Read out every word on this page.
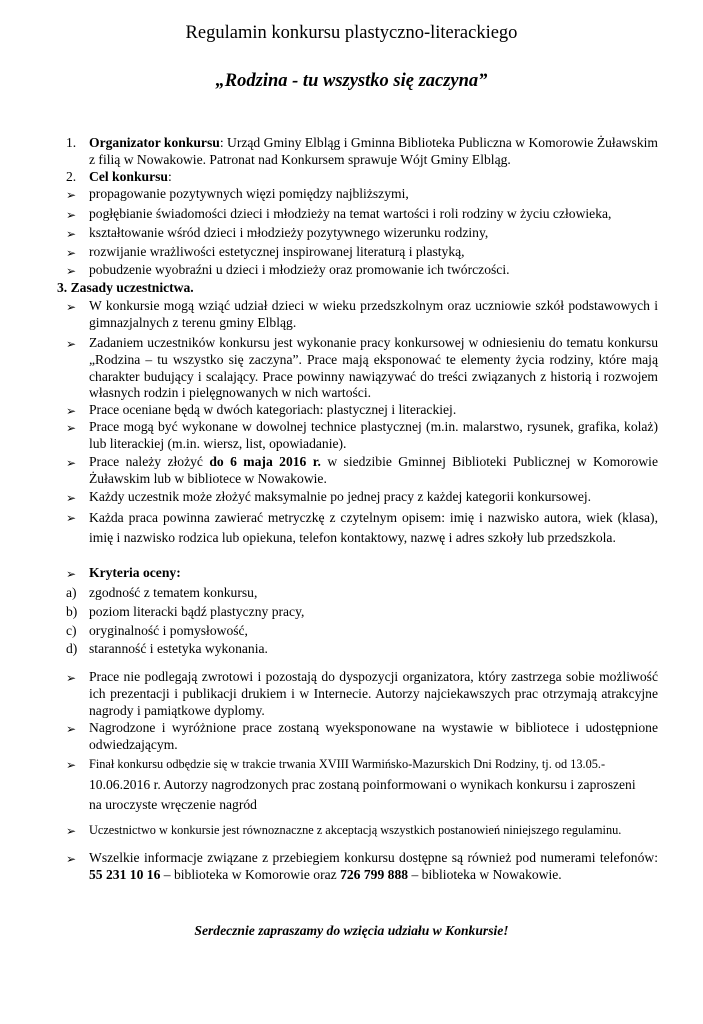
Regulamin konkursu plastyczno-literackiego
„Rodzina - tu wszystko się zaczyna”
1. Organizator konkursu: Urząd Gminy Elbląg i Gminna Biblioteka Publiczna w Komorowie Żuławskim z filią w Nowakowie. Patronat nad Konkursem sprawuje Wójt Gminy Elbląg.
2. Cel konkursu:
➢ propagowanie pozytywnych więzi pomiędzy najbliższymi,
➢ pogłębianie świadomości dzieci i młodzieży na temat wartości i roli rodziny w życiu człowieka,
➢ kształtowanie wśród dzieci i młodzieży pozytywnego wizerunku rodziny,
➢ rozwijanie wrażliwości estetycznej inspirowanej literaturą i plastyką,
➢ pobudzenie wyobraźni u dzieci i młodzieży oraz promowanie ich twórczości.
3. Zasady uczestnictwa.
➢ W konkursie mogą wziąć udział dzieci w wieku przedszkolnym oraz uczniowie szkół podstawowych i gimnazjalnych z terenu gminy Elbląg.
➢ Zadaniem uczestników konkursu jest wykonanie pracy konkursowej w odniesieniu do tematu konkursu „Rodzina – tu wszystko się zaczyna”. Prace mają eksponować te elementy życia rodziny, które mają charakter budujący i scalający. Prace powinny nawiązywać do treści związanych z historią i rozwojem własnych rodzin i pielęgnowanych w nich wartości.
➢ Prace oceniane będą w dwóch kategoriach: plastycznej i literackiej.
➢ Prace mogą być wykonane w dowolnej technice plastycznej (m.in. malarstwo, rysunek, grafika, kolaż) lub literackiej (m.in. wiersz, list, opowiadanie).
➢ Prace należy złożyć do 6 maja 2016 r. w siedzibie Gminnej Biblioteki Publicznej w Komorowie Żuławskim lub w bibliotece w Nowakowie.
➢ Każdy uczestnik może złożyć maksymalnie po jednej pracy z każdej kategorii konkursowej.
➢ Każda praca powinna zawierać metryczkę z czytelnym opisem: imię i nazwisko autora, wiek (klasa), imię i nazwisko rodzica lub opiekuna, telefon kontaktowy, nazwę i adres szkoły lub przedszkola.
➢ Kryteria oceny:
a) zgodność z tematem konkursu,
b) poziom literacki bądź plastyczny pracy,
c) oryginalność i pomysłowość,
d) staranność i estetyka wykonania.
➢ Prace nie podlegają zwrotowi i pozostają do dyspozycji organizatora, który zastrzega sobie możliwość ich prezentacji i publikacji drukiem i w Internecie. Autorzy najciekawszych prac otrzymają atrakcyjne nagrody i pamiątkowe dyplomy.
➢ Nagrodzone i wyróżnione prace zostaną wyeksponowane na wystawie w bibliotece i udostępnione odwiedzającym.
➢ Finał konkursu odbędzie się w trakcie trwania XVIII Warmińsko-Mazurskich Dni Rodziny, tj. od 13.05.-
10.06.2016 r. Autorzy nagrodzonych prac zostaną poinformowani o wynikach konkursu i zaproszeni
na uroczyste wręczenie nagród
➢ Uczestnictwo w konkursie jest równoznaczne z akceptacją wszystkich postanowień niniejszego regulaminu.
➢ Wszelkie informacje związane z przebiegiem konkursu dostępne są również pod numerami telefonów: 55 231 10 16 – biblioteka w Komorowie oraz 726 799 888 – biblioteka w Nowakowie.
Serdecznie zapraszamy do wzięcia udziału w Konkursie!
